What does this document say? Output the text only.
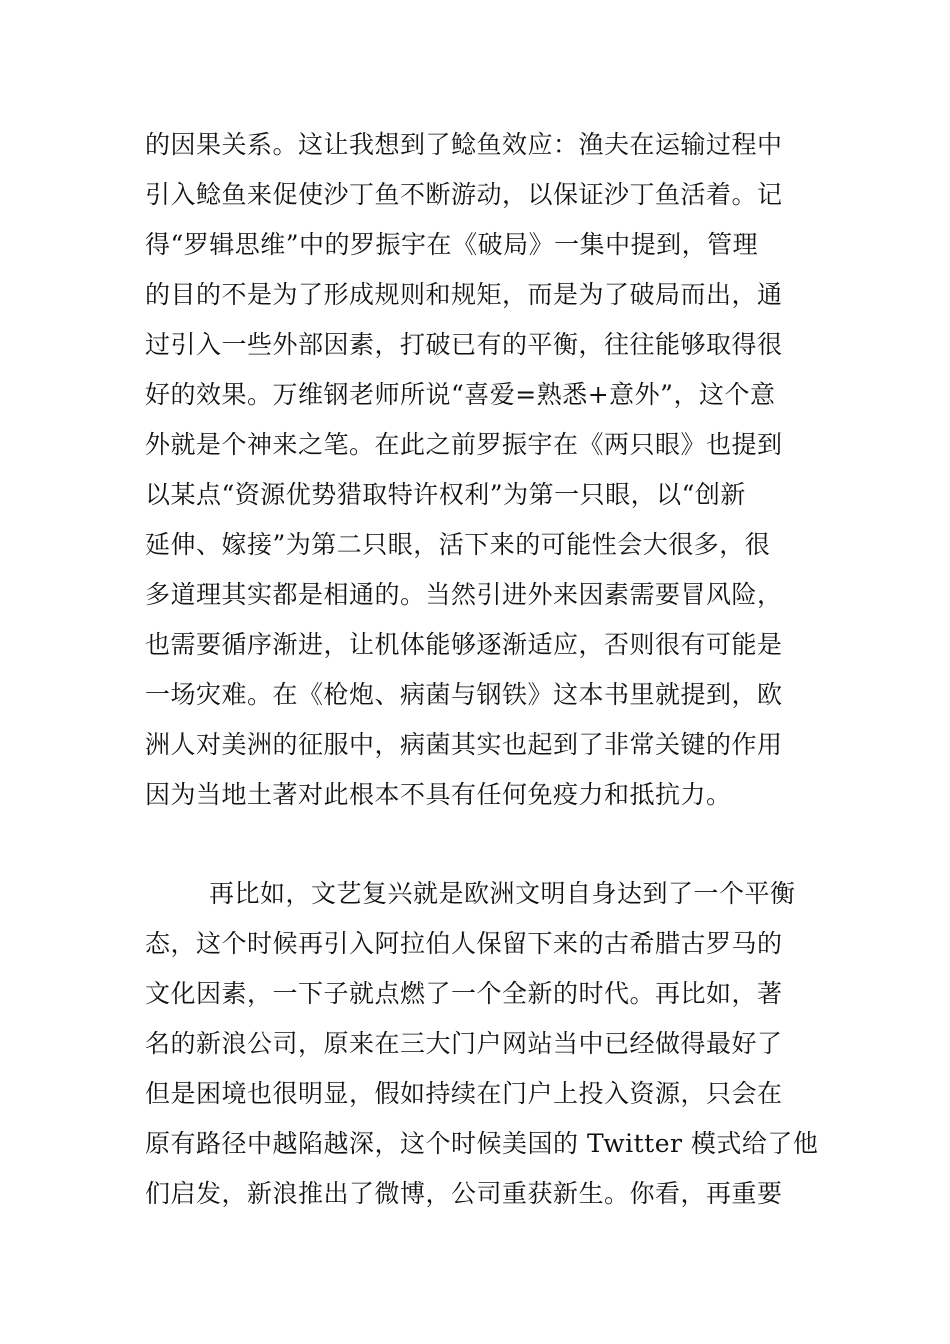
的因果关系。这让我想到了鲶鱼效应：渔夫在运输过程中
引入鲶鱼来促使沙丁鱼不断游动，以保证沙丁鱼活着。记
得“罗辑思维”中的罗振宇在《破局》一集中提到，管理
的目的不是为了形成规则和规矩，而是为了破局而出，通
过引入一些外部因素，打破已有的平衡，往往能够取得很
好的效果。万维钢老师所说“喜爱=熟悉+意外”，这个意
外就是个神来之笔。在此之前罗振宇在《两只眼》也提到
以某点“资源优势猎取特许权利”为第一只眼，以“创新
延伸、嫁接”为第二只眼，活下来的可能性会大很多，很
多道理其实都是相通的。当然引进外来因素需要冒风险，
也需要循序渐进，让机体能够逐渐适应，否则很有可能是
一场灾难。在《枪炮、病菌与钢铁》这本书里就提到，欧
洲人对美洲的征服中，病菌其实也起到了非常关键的作用
因为当地土著对此根本不具有任何免疫力和抵抗力。
再比如，文艺复兴就是欧洲文明自身达到了一个平衡
态，这个时候再引入阿拉伯人保留下来的古希腊古罗马的
文化因素，一下子就点燃了一个全新的时代。再比如，著
名的新浪公司，原来在三大门户网站当中已经做得最好了
但是困境也很明显，假如持续在门户上投入资源，只会在
原有路径中越陷越深，这个时候美国的 Twitter 模式给了他
们启发，新浪推出了微博，公司重获新生。你看，再重要
